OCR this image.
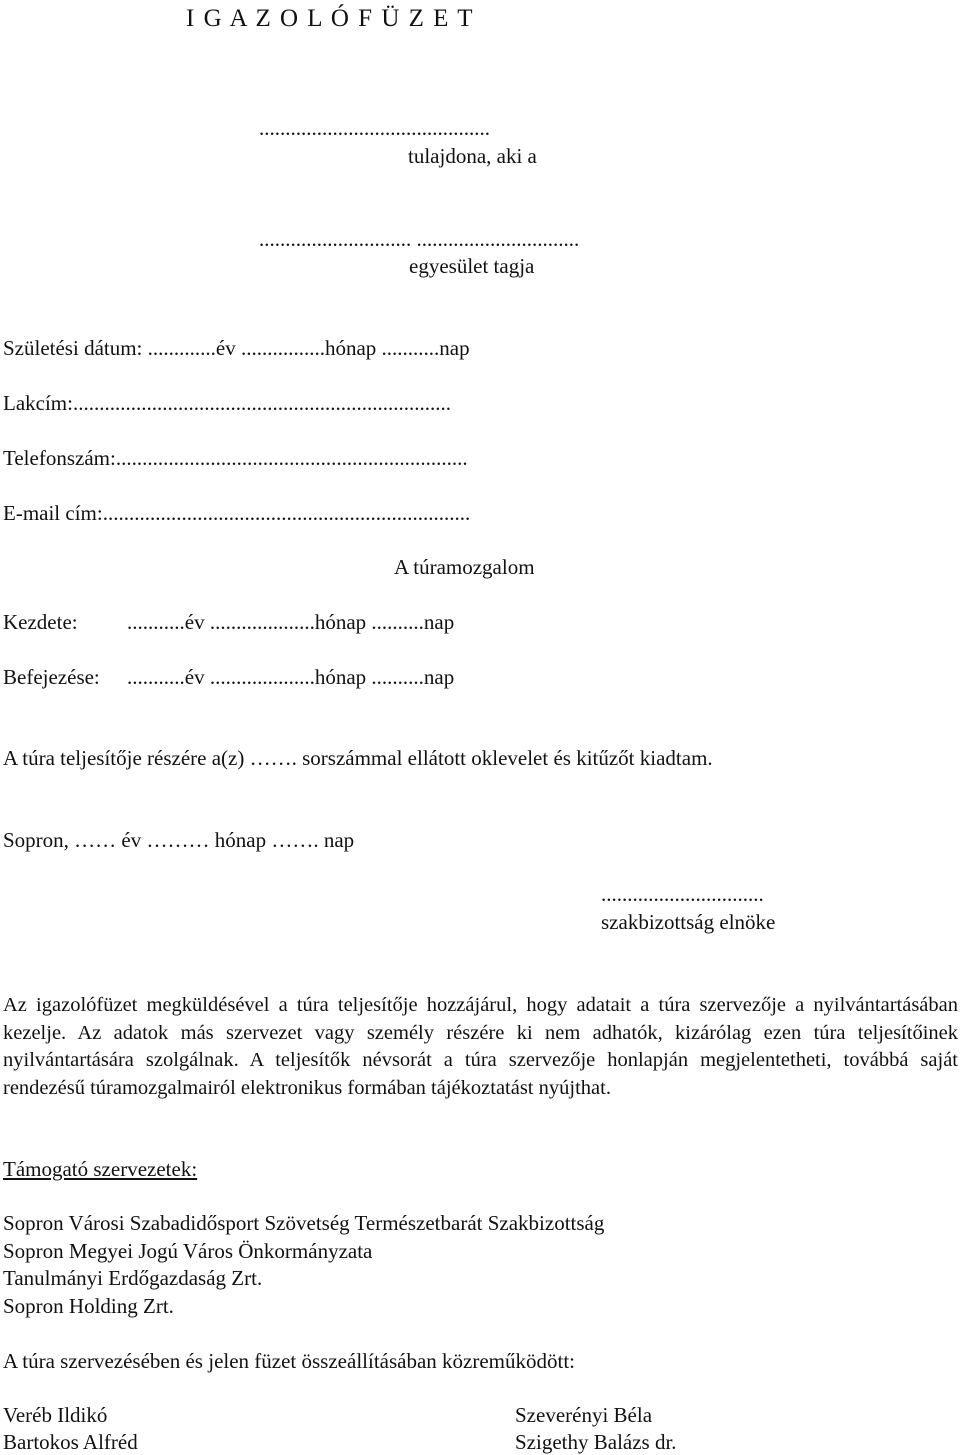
I G A Z O L Ó F Ü Z E T
............................................
tulajdona, aki a
............................. ...............................
egyesület tagja
Születési dátum: .............év ................hónap ...........nap
Lakcím:........................................................................
Telefonszám:...................................................................
E-mail cím:......................................................................
A túramozgalom
Kezdete: ...........év ....................hónap ..........nap
Befejezése: ...........év ....................hónap ..........nap
A túra teljesítője részére a(z) ……. sorszámmal ellátott oklevelet és kitűzőt kiadtam.
Sopron, …… év ……… hónap ……. nap
...............................
szakbizottság elnöke
Az igazolófüzet megküldésével a túra teljesítője hozzájárul, hogy adatait a túra szervezője a nyilvántartásában kezelje. Az adatok más szervezet vagy személy részére ki nem adhatók, kizárólag ezen túra teljesítőinek nyilvántartására szolgálnak. A teljesítők névsorát a túra szervezője honlapján megjelentetheti, továbbá saját rendezésű túramozgalmairól elektronikus formában tájékoztatást nyújthat.
Támogató szervezetek:
Sopron Városi Szabadidősport Szövetség Természetbarát Szakbizottság
Sopron Megyei Jogú Város Önkormányzata
Tanulmányi Erdőgazdaság Zrt.
Sopron Holding Zrt.
A túra szervezésében és jelen füzet összeállításában közreműködött:
Veréb Ildikó
Bartokos Alfréd
Szeverényi Béla
Szigethy Balázs dr.
